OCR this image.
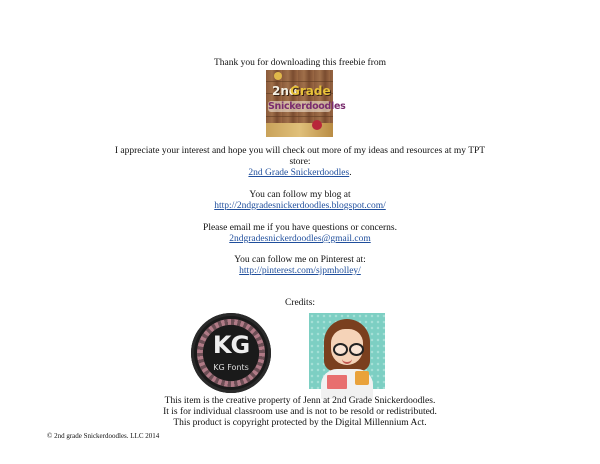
Thank you for downloading this freebie from
2nd
Grade
Snickerdoodles
I appreciate your interest and hope you will check out more of my ideas and resources at my TPT
store:
2nd Grade Snickerdoodles.
You can follow my blog at
http://2ndgradesnickerdoodles.blogspot.com/
Please email me if you have questions or concerns.
2ndgradesnickerdoodles@gmail.com
You can follow me on Pinterest at:
http://pinterest.com/sjpmholley/
Credits:
KG
KG Fonts
This item is the creative property of Jenn at 2nd Grade Snickerdoodles.
It is for individual classroom use and is not to be resold or redistributed.
This product is copyright protected by the Digital Millennium Act.
© 2nd grade Snickerdoodles. LLC 2014
